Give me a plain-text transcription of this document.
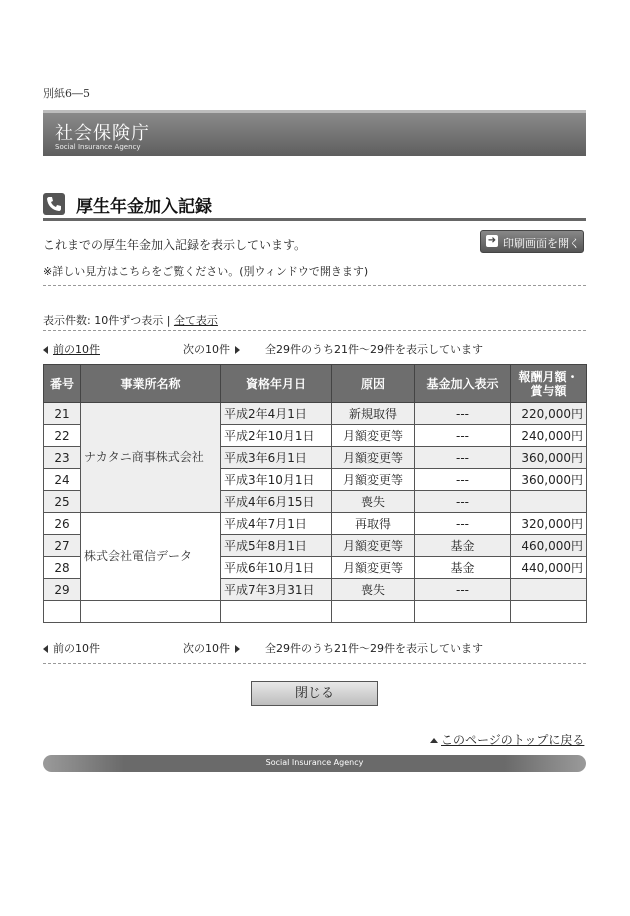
別紙6―5
社会保険庁
Social Insurance Agency
厚生年金加入記録
これまでの厚生年金加入記録を表示しています。	➜ 印刷画面を開く
※詳しい見方はこちらをご覧ください。(別ウィンドウで開きます)
表示件数: 10件ずつ表示 | 全て表示
前の10件	次の10件	全29件のうち21件～29件を表示しています
番号	事業所名称	資格年月日	原因	基金加入表示	報酬月額・
賞与額
21	ナカタニ商事株式会社	平成2年4月1日	新規取得	---	220,000円
22		平成2年10月1日	月額変更等	---	240,000円
23		平成3年6月1日	月額変更等	---	360,000円
24		平成3年10月1日	月額変更等	---	360,000円
25		平成4年6月15日	喪失	---	
26	株式会社電信データ	平成4年7月1日	再取得	---	320,000円
27		平成5年8月1日	月額変更等	基金	460,000円
28		平成6年10月1日	月額変更等	基金	440,000円
29		平成7年3月31日	喪失	---	

前の10件	次の10件	全29件のうち21件～29件を表示しています
閉じる
このページのトップに戻る
Social Insurance Agency
